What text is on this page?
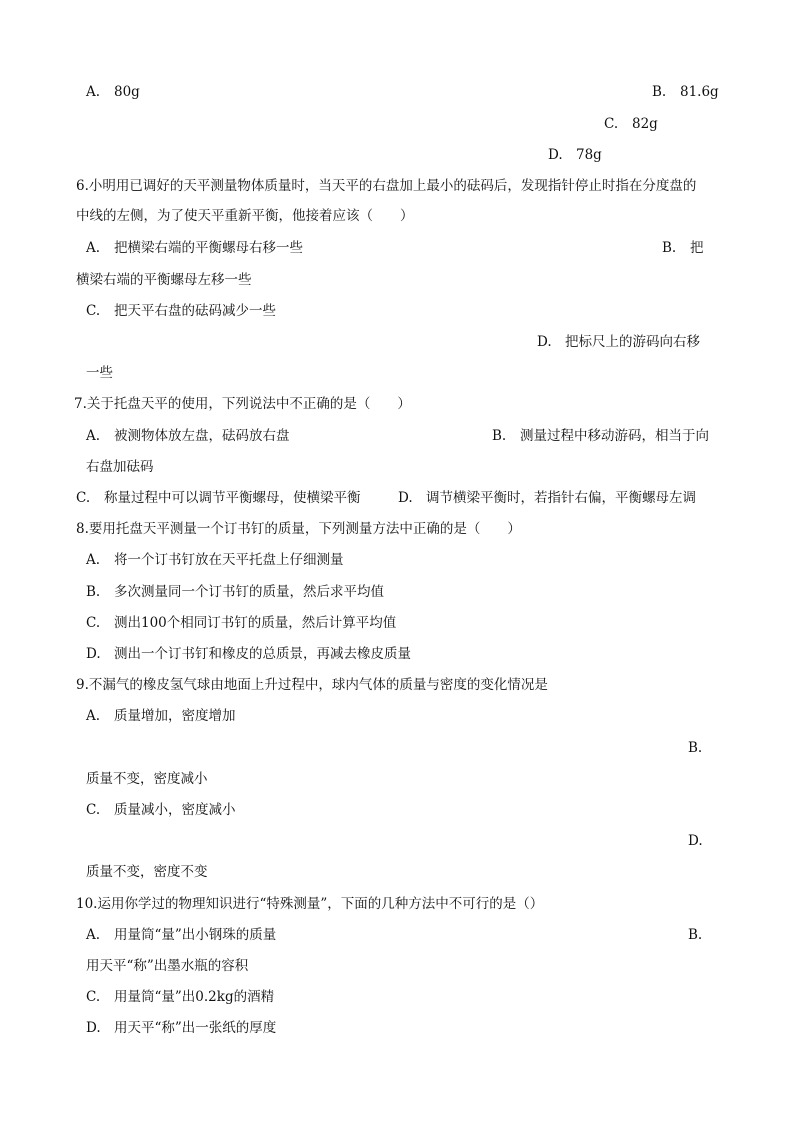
A. 80g	B. 81.6g
C. 82g
D. 78g
6.小明用已调好的天平测量物体质量时，当天平的右盘加上最小的砝码后，发现指针停止时指在分度盘的
中线的左侧，为了使天平重新平衡，他接着应该（　　）
A. 把横梁右端的平衡螺母右移一些	B. 把
横梁右端的平衡螺母左移一些
C. 把天平右盘的砝码减少一些
D. 把标尺上的游码向右移
一些
7.关于托盘天平的使用，下列说法中不正确的是（　　）
A. 被测物体放左盘，砝码放右盘	B. 测量过程中移动游码，相当于向
右盘加砝码
C. 称量过程中可以调节平衡螺母，使横梁平衡	D. 调节横梁平衡时，若指针右偏，平衡螺母左调
8.要用托盘天平测量一个订书钉的质量，下列测量方法中正确的是（　　）
A. 将一个订书钉放在天平托盘上仔细测量
B. 多次测量同一个订书钉的质量，然后求平均值
C. 测出100个相同订书钉的质量，然后计算平均值
D. 测出一个订书钉和橡皮的总质景，再减去橡皮质量
9.不漏气的橡皮氢气球由地面上升过程中，球内气体的质量与密度的变化情况是
A. 质量增加，密度增加
B.
质量不变，密度减小
C. 质量减小，密度减小
D.
质量不变，密度不变
10.运用你学过的物理知识进行“特殊测量”，下面的几种方法中不可行的是（）
A. 用量筒“量”出小钢珠的质量	B.
用天平“称”出墨水瓶的容积
C. 用量筒“量”出0.2kg的酒精
D. 用天平“称”出一张纸的厚度
